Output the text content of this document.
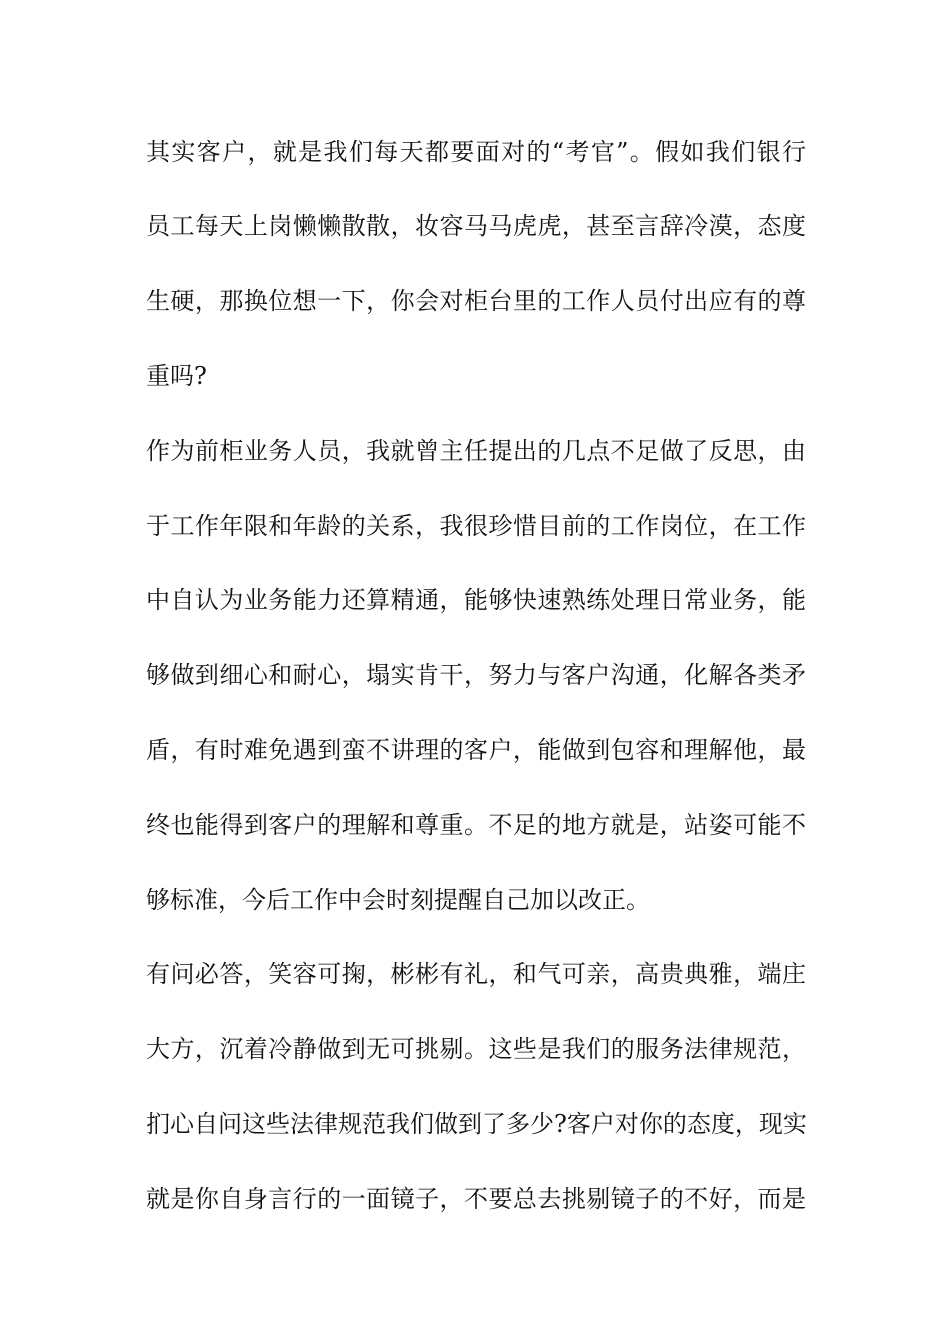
其实客户，就是我们每天都要面对的“考官”。假如我们银行
员工每天上岗懒懒散散，妆容马马虎虎，甚至言辞冷漠，态度
生硬，那换位想一下，你会对柜台里的工作人员付出应有的尊
重吗?
作为前柜业务人员，我就曾主任提出的几点不足做了反思，由
于工作年限和年龄的关系，我很珍惜目前的工作岗位，在工作
中自认为业务能力还算精通，能够快速熟练处理日常业务，能
够做到细心和耐心，塌实肯干，努力与客户沟通，化解各类矛
盾，有时难免遇到蛮不讲理的客户，能做到包容和理解他，最
终也能得到客户的理解和尊重。不足的地方就是，站姿可能不
够标准，今后工作中会时刻提醒自己加以改正。
有问必答，笑容可掬，彬彬有礼，和气可亲，高贵典雅，端庄
大方，沉着冷静做到无可挑剔。这些是我们的服务法律规范，
扪心自问这些法律规范我们做到了多少?客户对你的态度，现实
就是你自身言行的一面镜子，不要总去挑剔镜子的不好，而是
